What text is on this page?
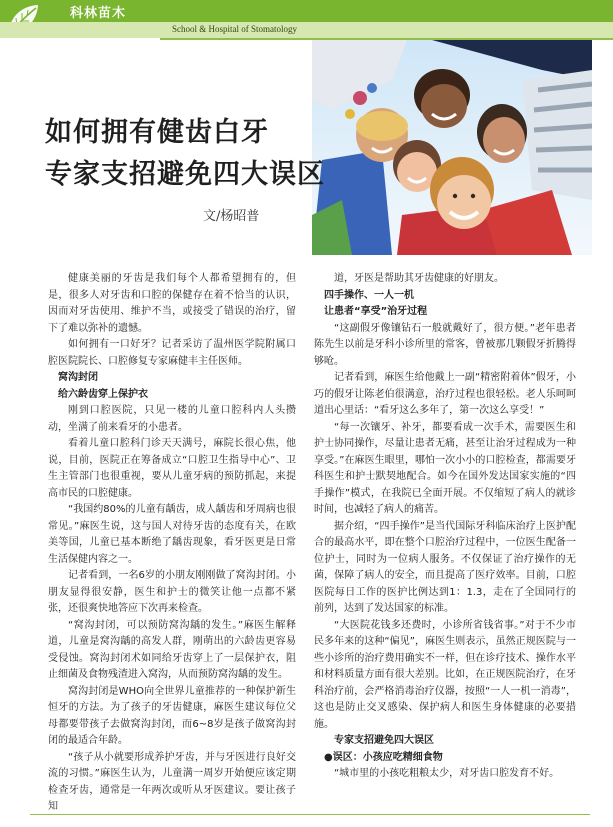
科林苗木
School & Hospital of Stomatology
如何拥有健齿白牙
专家支招避免四大误区
文/杨昭普

健康美丽的牙齿是我们每个人都希望拥有的，但是，很多人对牙齿和口腔的保健存在着不恰当的认识，因而对牙齿使用、维护不当，或接受了错误的治疗，留下了难以弥补的遗憾。

如何拥有一口好牙？记者采访了温州医学院附属口腔医院院长、口腔修复专家麻健丰主任医师。

窝沟封闭

给六龄齿穿上保护衣

刚到口腔医院，只见一楼的儿童口腔科内人头攒动，坐满了前来看牙的小患者。

看着儿童口腔科门诊天天满号，麻院长很心焦，他说，目前，医院正在筹备成立“口腔卫生指导中心”、卫生主管部门也很重视，要从儿童牙病的预防抓起，来提高市民的口腔健康。

“我国约80%的儿童有龋齿，成人龋齿和牙周病也很常见。”麻医生说，这与国人对待牙齿的态度有关，在欧美等国，儿童已基本断绝了龋齿现象，看牙医更是日常生活保健内容之一。

记者看到，一名6岁的小朋友刚刚做了窝沟封闭。小朋友显得很安静，医生和护士的微笑让他一点都不紧张，还很爽快地答应下次再来检查。

“窝沟封闭，可以预防窝沟龋的发生。”麻医生解释道，儿童是窝沟龋的高发人群，刚萌出的六龄齿更容易受侵蚀。窝沟封闭术如同给牙齿穿上了一层保护衣，阻止细菌及食物残渣进入窝沟，从而预防窝沟龋的发生。

窝沟封闭是WHO向全世界儿童推荐的一种保护新生恒牙的方法。为了孩子的牙齿健康，麻医生建议每位父母都要带孩子去做窝沟封闭，而6~8岁是孩子做窝沟封闭的最适合年龄。

“孩子从小就要形成养护牙齿，并与牙医进行良好交流的习惯。”麻医生认为，儿童满一周岁开始便应该定期检查牙齿，通常是一年两次或听从牙医建议。要让孩子知

道，牙医是帮助其牙齿健康的好朋友。

四手操作、一人一机

让患者“享受”治牙过程

“这副假牙像镶钻石一般就戴好了，很方便。”老年患者陈先生以前是牙科小诊所里的常客，曾被那几颗假牙折腾得够呛。

记者看到，麻医生给他戴上一副“精密附着体”假牙，小巧的假牙让陈老伯很满意，治疗过程也很轻松。老人乐呵呵道出心里话：“看牙这么多年了，第一次这么享受！”

“每一次镶牙、补牙，都要看成一次手术，需要医生和护士协同操作，尽量让患者无痛，甚至让治牙过程成为一种享受。”在麻医生眼里，哪怕一次小小的口腔检查，都需要牙科医生和护士默契地配合。如今在国外发达国家实施的“四手操作”模式，在我院已全面开展。不仅缩短了病人的就诊时间，也减轻了病人的痛苦。

据介绍，“四手操作”是当代国际牙科临床治疗上医护配合的最高水平，即在整个口腔治疗过程中，一位医生配备一位护士，同时为一位病人服务。不仅保证了治疗操作的无菌，保障了病人的安全，而且提高了医疗效率。目前，口腔医院每日工作的医护比例达到1：1.3，走在了全国同行的前列，达到了发达国家的标准。

“大医院花钱多还费时，小诊所省钱省事。”对于不少市民多年来的这种“偏见”，麻医生则表示，虽然正规医院与一些小诊所的治疗费用确实不一样，但在诊疗技术、操作水平和材料质量方面有很大差别。比如，在正规医院治疗，在牙科治疗前，会严格消毒治疗仪器，按照“一人一机一消毒”，这也是防止交叉感染、保护病人和医生身体健康的必要措施。

专家支招避免四大误区

●误区：小孩应吃精细食物

“城市里的小孩吃粗粮太少，对牙齿口腔发育不好。
